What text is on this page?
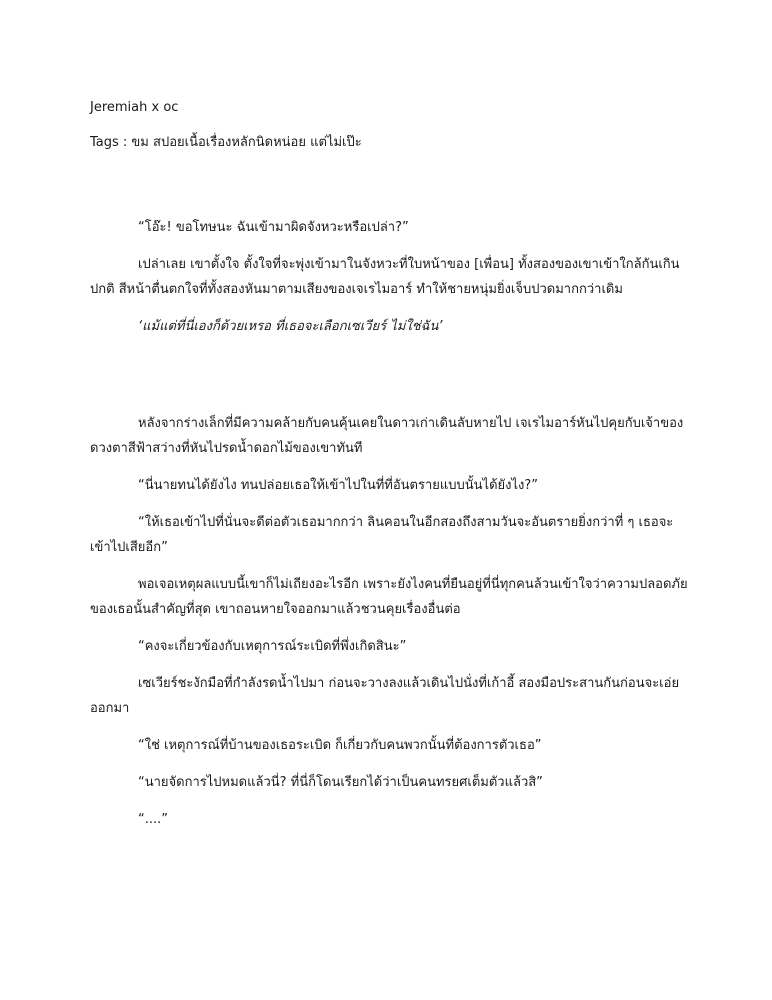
Jeremiah x oc

Tags : ขม สปอยเนื้อเรื่องหลักนิดหน่อย แต่ไม่เป๊ะ

“โอ๊ะ! ขอโทษนะ ฉันเข้ามาผิดจังหวะหรือเปล่า?”

เปล่าเลย เขาตั้งใจ ตั้งใจที่จะพุ่งเข้ามาในจังหวะที่ใบหน้าของ [เพื่อน] ทั้งสองของเขาเข้าใกล้กันเกินปกติ สีหน้าตื่นตกใจที่ทั้งสองหันมาตามเสียงของเจเรไมอาร์ ทำให้ชายหนุ่มยิ่งเจ็บปวดมากกว่าเดิม

‘แม้แต่ที่นี่เองก็ด้วยเหรอ ที่เธอจะเลือกเซเวียร์ ไม่ใช่ฉัน’

หลังจากร่างเล็กที่มีความคล้ายกับคนคุ้นเคยในดาวเก่าเดินลับหายไป เจเรไมอาร์หันไปคุยกับเจ้าของดวงตาสีฟ้าสว่างที่หันไปรดน้ำดอกไม้ของเขาทันที

“นี่นายทนได้ยังไง ทนปล่อยเธอให้เข้าไปในที่ที่อันตรายแบบนั้นได้ยังไง?”

“ให้เธอเข้าไปที่นั่นจะดีต่อตัวเธอมากกว่า ลินคอนในอีกสองถึงสามวันจะอันตรายยิ่งกว่าที่ ๆ เธอจะเข้าไปเสียอีก”

พอเจอเหตุผลแบบนี้เขาก็ไม่เถียงอะไรอีก เพราะยังไงคนที่ยืนอยู่ที่นี่ทุกคนล้วนเข้าใจว่าความปลอดภัยของเธอนั้นสำคัญที่สุด เขาถอนหายใจออกมาแล้วชวนคุยเรื่องอื่นต่อ

“คงจะเกี่ยวข้องกับเหตุการณ์ระเบิดที่พึ่งเกิดสินะ”

เซเวียร์ชะงักมือที่กำลังรดน้ำไปมา ก่อนจะวางลงแล้วเดินไปนั่งที่เก้าอี้ สองมือประสานกันก่อนจะเอ่ยออกมา

“ใช่ เหตุการณ์ที่บ้านของเธอระเบิด ก็เกี่ยวกับคนพวกนั้นที่ต้องการตัวเธอ”

“นายจัดการไปหมดแล้วนี่? ที่นี่ก็โดนเรียกได้ว่าเป็นคนทรยศเต็มตัวแล้วสิ”

“....”
